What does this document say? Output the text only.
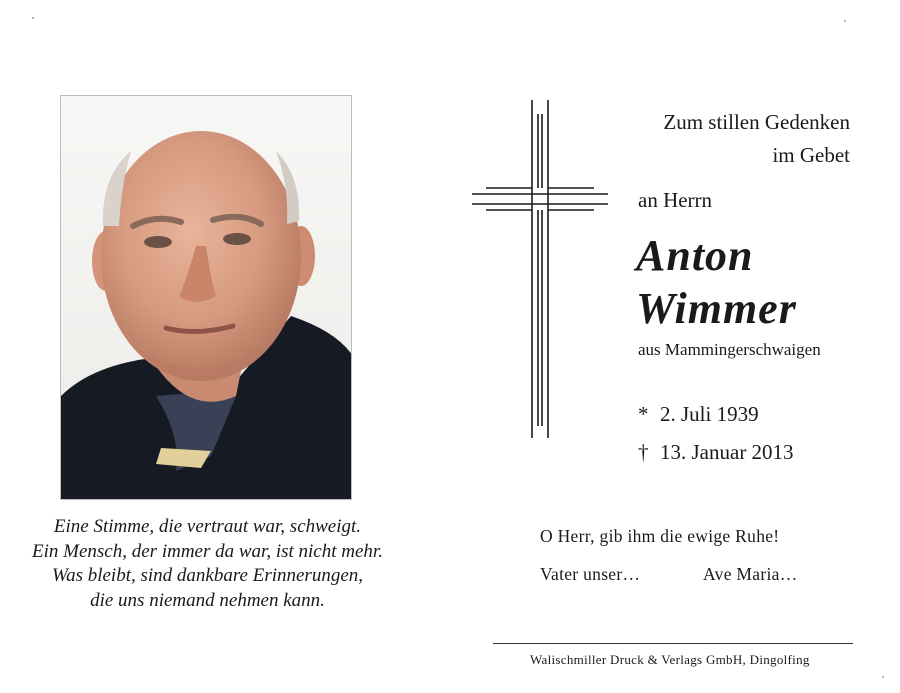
Eine Stimme, die vertraut war, schweigt.
Ein Mensch, der immer da war, ist nicht mehr.
Was bleibt, sind dankbare Erinnerungen,
die uns niemand nehmen kann.
Zum stillen Gedenken
im Gebet
an Herrn
Anton
Wimmer
aus Mammingerschwaigen
* 2. Juli 1939
† 13. Januar 2013
O Herr, gib ihm die ewige Ruhe!
Vater unser…	Ave Maria…
Walischmiller Druck & Verlags GmbH, Dingolfing
